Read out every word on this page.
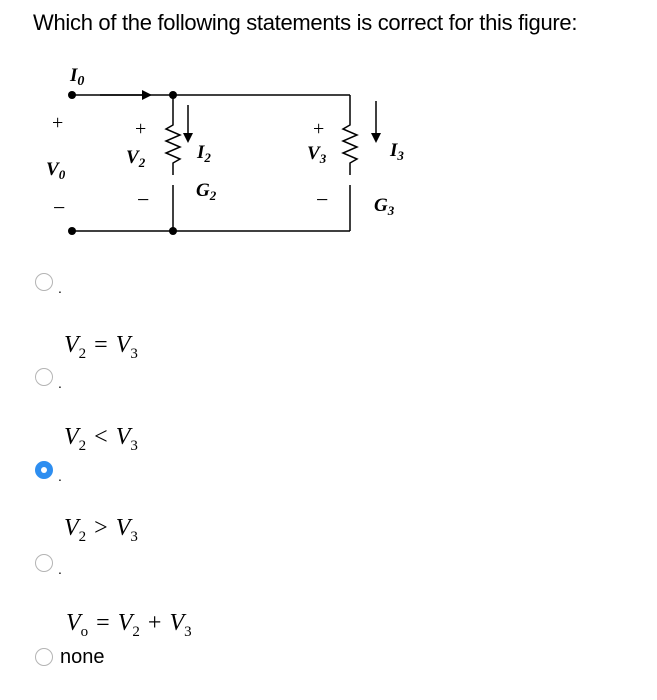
Which of the following statements is correct for this figure:
$I_0$
+
$V_0$
−
+
$V_2$
−
$I_2$
$G_2$
+
$V_3$
−
$I_3$
$G_3$
.
$V_2 = V_3$
.
$V_2 < V_3$
.
$V_2 > V_3$
.
$V_o = V_2 + V_3$
none
